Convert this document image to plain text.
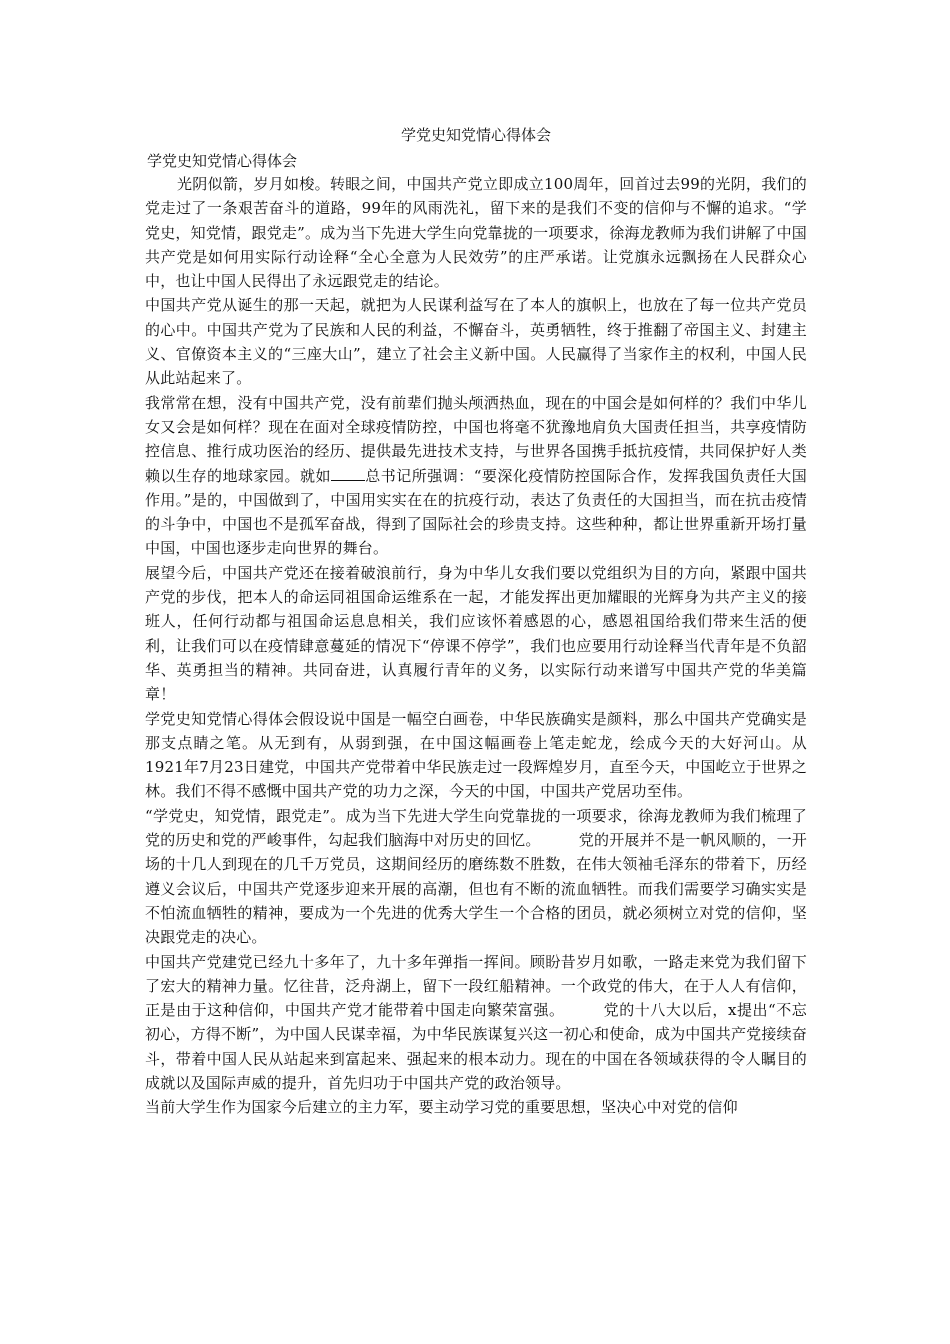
学党史知党情心得体会

学党史知党情心得体会

光阴似箭，岁月如梭。转眼之间，中国共产党立即成立100周年，回首过去99的光阴，我们的党走过了一条艰苦奋斗的道路，99年的风雨洗礼，留下来的是我们不变的信仰与不懈的追求。“学党史，知党情，跟党走”。成为当下先进大学生向党靠拢的一项要求，徐海龙教师为我们讲解了中国共产党是如何用实际行动诠释“全心全意为人民效劳”的庄严承诺。让党旗永远飘扬在人民群众心中，也让中国人民得出了永远跟党走的结论。

中国共产党从诞生的那一天起，就把为人民谋利益写在了本人的旗帜上，也放在了每一位共产党员的心中。中国共产党为了民族和人民的利益，不懈奋斗，英勇牺牲，终于推翻了帝国主义、封建主义、官僚资本主义的“三座大山”，建立了社会主义新中国。人民赢得了当家作主的权利，中国人民从此站起来了。

我常常在想，没有中国共产党，没有前辈们抛头颅洒热血，现在的中国会是如何样的？我们中华儿女又会是如何样？现在在面对全球疫情防控，中国也将毫不犹豫地肩负大国责任担当，共享疫情防控信息、推行成功医治的经历、提供最先进技术支持，与世界各国携手抵抗疫情，共同保护好人类赖以生存的地球家园。就如 总书记所强调：“要深化疫情防控国际合作，发挥我国负责任大国作用。”是的，中国做到了，中国用实实在在的抗疫行动，表达了负责任的大国担当，而在抗击疫情的斗争中，中国也不是孤军奋战，得到了国际社会的珍贵支持。这些种种，都让世界重新开场打量中国，中国也逐步走向世界的舞台。

展望今后，中国共产党还在接着破浪前行，身为中华儿女我们要以党组织为目的方向，紧跟中国共产党的步伐，把本人的命运同祖国命运维系在一起，才能发挥出更加耀眼的光辉身为共产主义的接班人，任何行动都与祖国命运息息相关，我们应该怀着感恩的心，感恩祖国给我们带来生活的便利，让我们可以在疫情肆意蔓延的情况下“停课不停学”，我们也应要用行动诠释当代青年是不负韶华、英勇担当的精神。共同奋进，认真履行青年的义务，以实际行动来谱写中国共产党的华美篇章！

学党史知党情心得体会假设说中国是一幅空白画卷，中华民族确实是颜料，那么中国共产党确实是那支点睛之笔。从无到有，从弱到强，在中国这幅画卷上笔走蛇龙，绘成今天的大好河山。从1921年7月23日建党，中国共产党带着中华民族走过一段辉煌岁月，直至今天，中国屹立于世界之林。我们不得不感慨中国共产党的功力之深，今天的中国，中国共产党居功至伟。

“学党史，知党情，跟党走”。成为当下先进大学生向党靠拢的一项要求，徐海龙教师为我们梳理了党的历史和党的严峻事件，勾起我们脑海中对历史的回忆。　　　党的开展并不是一帆风顺的，一开场的十几人到现在的几千万党员，这期间经历的磨练数不胜数，在伟大领袖毛泽东的带着下，历经遵义会议后，中国共产党逐步迎来开展的高潮，但也有不断的流血牺牲。而我们需要学习确实实是不怕流血牺牲的精神，要成为一个先进的优秀大学生一个合格的团员，就必须树立对党的信仰，坚决跟党走的决心。

中国共产党建党已经九十多年了，九十多年弹指一挥间。顾盼昔岁月如歌，一路走来党为我们留下了宏大的精神力量。忆往昔，泛舟湖上，留下一段红船精神。一个政党的伟大，在于人人有信仰，正是由于这种信仰，中国共产党才能带着中国走向繁荣富强。　　　党的十八大以后，x提出“不忘初心，方得不断”，为中国人民谋幸福，为中华民族谋复兴这一初心和使命，成为中国共产党接续奋斗，带着中国人民从站起来到富起来、强起来的根本动力。现在的中国在各领域获得的令人瞩目的成就以及国际声威的提升，首先归功于中国共产党的政治领导。

当前大学生作为国家今后建立的主力军，要主动学习党的重要思想，坚决心中对党的信仰
